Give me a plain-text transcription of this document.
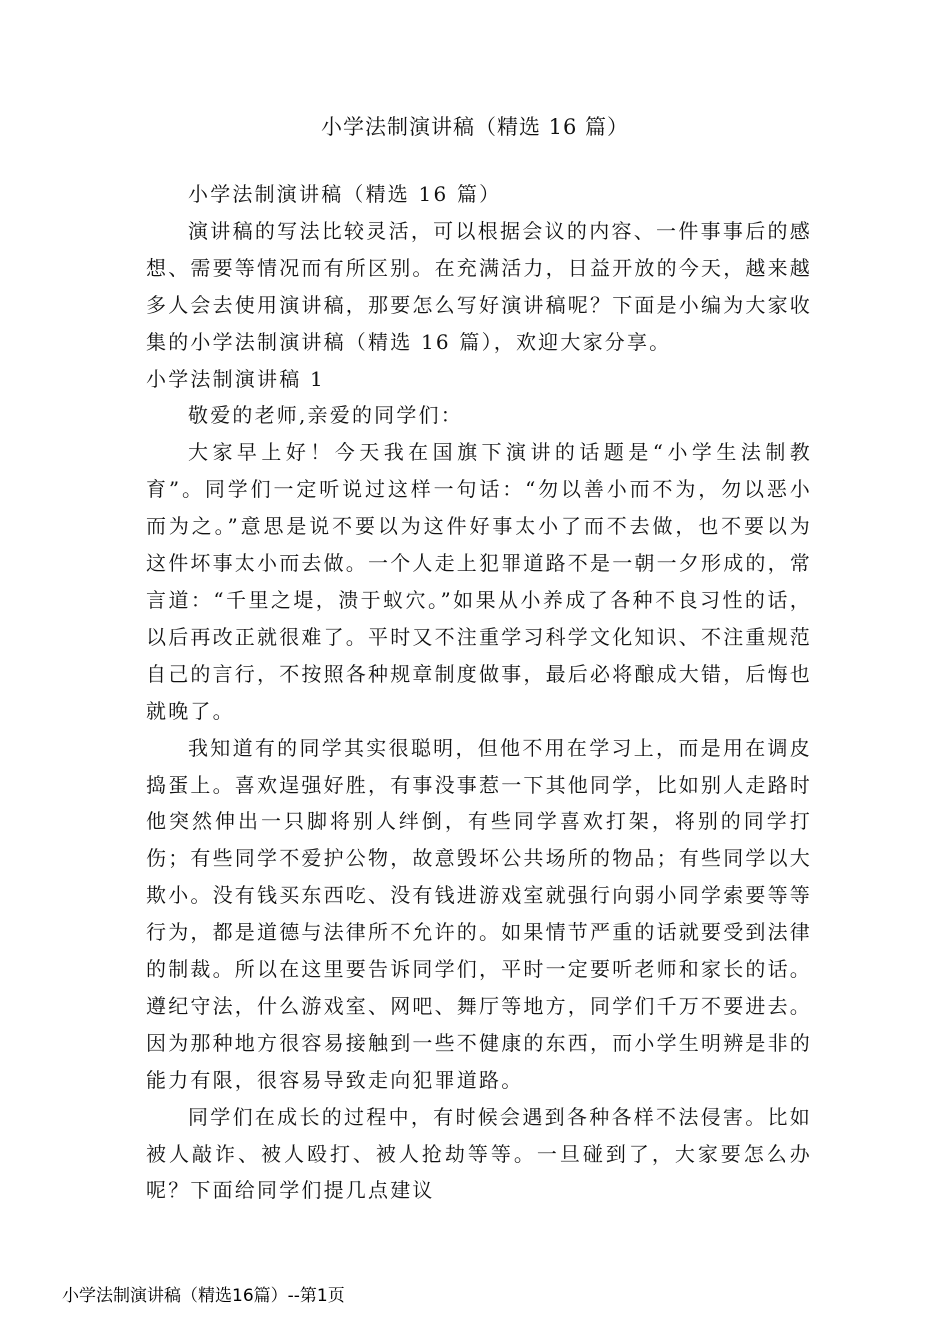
小学法制演讲稿（精选 16 篇）

小学法制演讲稿（精选 16 篇）

演讲稿的写法比较灵活，可以根据会议的内容、一件事事后的感想、需要等情况而有所区别。在充满活力，日益开放的今天，越来越多人会去使用演讲稿，那要怎么写好演讲稿呢？下面是小编为大家收集的小学法制演讲稿（精选 16 篇），欢迎大家分享。

小学法制演讲稿 1

敬爱的老师,亲爱的同学们：

大家早上好！今天我在国旗下演讲的话题是“小学生法制教育”。同学们一定听说过这样一句话：“勿以善小而不为，勿以恶小而为之。”意思是说不要以为这件好事太小了而不去做，也不要以为这件坏事太小而去做。一个人走上犯罪道路不是一朝一夕形成的，常言道：“千里之堤，溃于蚁穴。”如果从小养成了各种不良习性的话，以后再改正就很难了。平时又不注重学习科学文化知识、不注重规范自己的言行，不按照各种规章制度做事，最后必将酿成大错，后悔也就晚了。

我知道有的同学其实很聪明，但他不用在学习上，而是用在调皮捣蛋上。喜欢逞强好胜，有事没事惹一下其他同学，比如别人走路时他突然伸出一只脚将别人绊倒，有些同学喜欢打架，将别的同学打伤；有些同学不爱护公物，故意毁坏公共场所的物品；有些同学以大欺小。没有钱买东西吃、没有钱进游戏室就强行向弱小同学索要等等行为，都是道德与法律所不允许的。如果情节严重的话就要受到法律的制裁。所以在这里要告诉同学们，平时一定要听老师和家长的话。遵纪守法，什么游戏室、网吧、舞厅等地方，同学们千万不要进去。因为那种地方很容易接触到一些不健康的东西，而小学生明辨是非的能力有限，很容易导致走向犯罪道路。

同学们在成长的过程中，有时候会遇到各种各样不法侵害。比如被人敲诈、被人殴打、被人抢劫等等。一旦碰到了，大家要怎么办呢？下面给同学们提几点建议

小学法制演讲稿（精选16篇）--第1页
